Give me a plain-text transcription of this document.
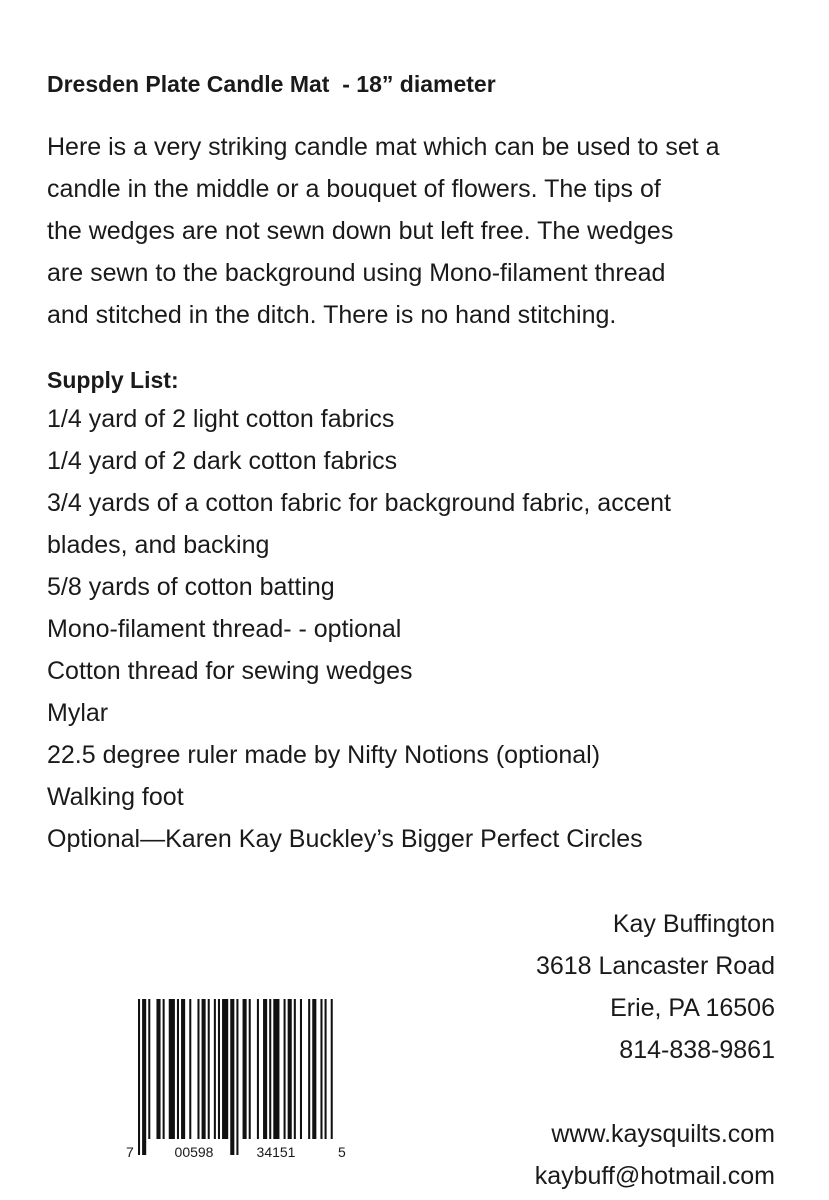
Dresden Plate Candle Mat  - 18” diameter
Here is a very striking candle mat which can be used to set a
candle in the middle or a bouquet of flowers. The tips of
the wedges are not sewn down but left free. The wedges
are sewn to the background using Mono-filament thread
and stitched in the ditch. There is no hand stitching.
Supply List:
1/4 yard of 2 light cotton fabrics
1/4 yard of 2 dark cotton fabrics
3/4 yards of a cotton fabric for background fabric, accent
blades, and backing
5/8 yards of cotton batting
Mono-filament thread- - optional
Cotton thread for sewing wedges
Mylar
22.5 degree ruler made by Nifty Notions (optional)
Walking foot
Optional—Karen Kay Buckley’s Bigger Perfect Circles
7	00598	34151	5
Kay Buffington
3618 Lancaster Road
Erie, PA 16506
814-838-9861
www.kaysquilts.com
kaybuff@hotmail.com
